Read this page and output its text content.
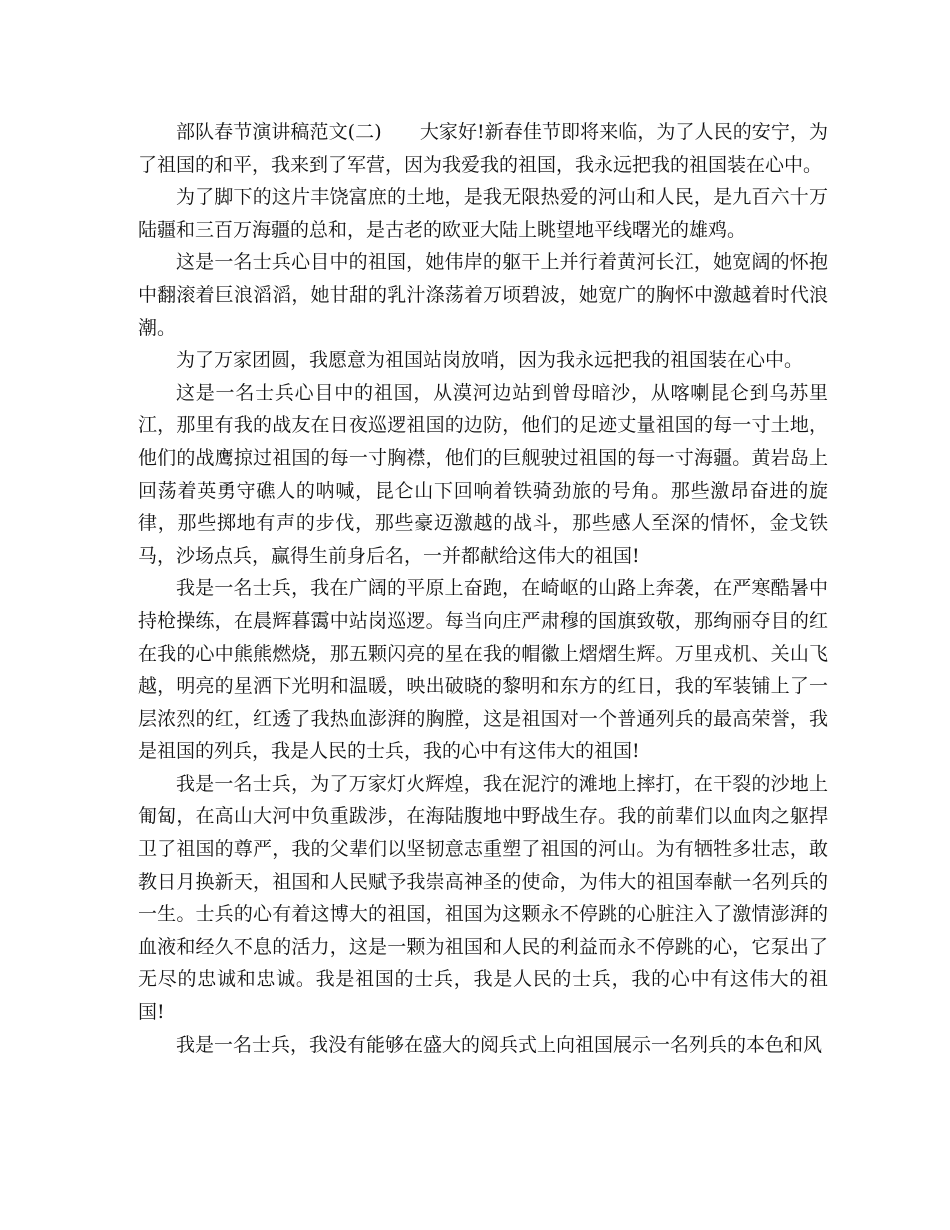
部队春节演讲稿范文(二)　　大家好!新春佳节即将来临，为了人民的安宁，为了祖国的和平，我来到了军营，因为我爱我的祖国，我永远把我的祖国装在心中。

为了脚下的这片丰饶富庶的土地，是我无限热爱的河山和人民，是九百六十万陆疆和三百万海疆的总和，是古老的欧亚大陆上眺望地平线曙光的雄鸡。

这是一名士兵心目中的祖国，她伟岸的躯干上并行着黄河长江，她宽阔的怀抱中翻滚着巨浪滔滔，她甘甜的乳汁涤荡着万顷碧波，她宽广的胸怀中激越着时代浪潮。

为了万家团圆，我愿意为祖国站岗放哨，因为我永远把我的祖国装在心中。

这是一名士兵心目中的祖国，从漠河边站到曾母暗沙，从喀喇昆仑到乌苏里江，那里有我的战友在日夜巡逻祖国的边防，他们的足迹丈量祖国的每一寸土地，他们的战鹰掠过祖国的每一寸胸襟，他们的巨舰驶过祖国的每一寸海疆。黄岩岛上回荡着英勇守礁人的呐喊，昆仑山下回响着铁骑劲旅的号角。那些激昂奋进的旋律，那些掷地有声的步伐，那些豪迈激越的战斗，那些感人至深的情怀，金戈铁马，沙场点兵，赢得生前身后名，一并都献给这伟大的祖国!

我是一名士兵，我在广阔的平原上奋跑，在崎岖的山路上奔袭，在严寒酷暑中持枪操练，在晨辉暮霭中站岗巡逻。每当向庄严肃穆的国旗致敬，那绚丽夺目的红在我的心中熊熊燃烧，那五颗闪亮的星在我的帽徽上熠熠生辉。万里戎机、关山飞越，明亮的星洒下光明和温暖，映出破晓的黎明和东方的红日，我的军装铺上了一层浓烈的红，红透了我热血澎湃的胸膛，这是祖国对一个普通列兵的最高荣誉，我是祖国的列兵，我是人民的士兵，我的心中有这伟大的祖国!

我是一名士兵，为了万家灯火辉煌，我在泥泞的滩地上摔打，在干裂的沙地上匍匐，在高山大河中负重跋涉，在海陆腹地中野战生存。我的前辈们以血肉之躯捍卫了祖国的尊严，我的父辈们以坚韧意志重塑了祖国的河山。为有牺牲多壮志，敢教日月换新天，祖国和人民赋予我崇高神圣的使命，为伟大的祖国奉献一名列兵的一生。士兵的心有着这博大的祖国，祖国为这颗永不停跳的心脏注入了激情澎湃的血液和经久不息的活力，这是一颗为祖国和人民的利益而永不停跳的心，它泵出了无尽的忠诚和忠诚。我是祖国的士兵，我是人民的士兵，我的心中有这伟大的祖国!

我是一名士兵，我没有能够在盛大的阅兵式上向祖国展示一名列兵的本色和风
